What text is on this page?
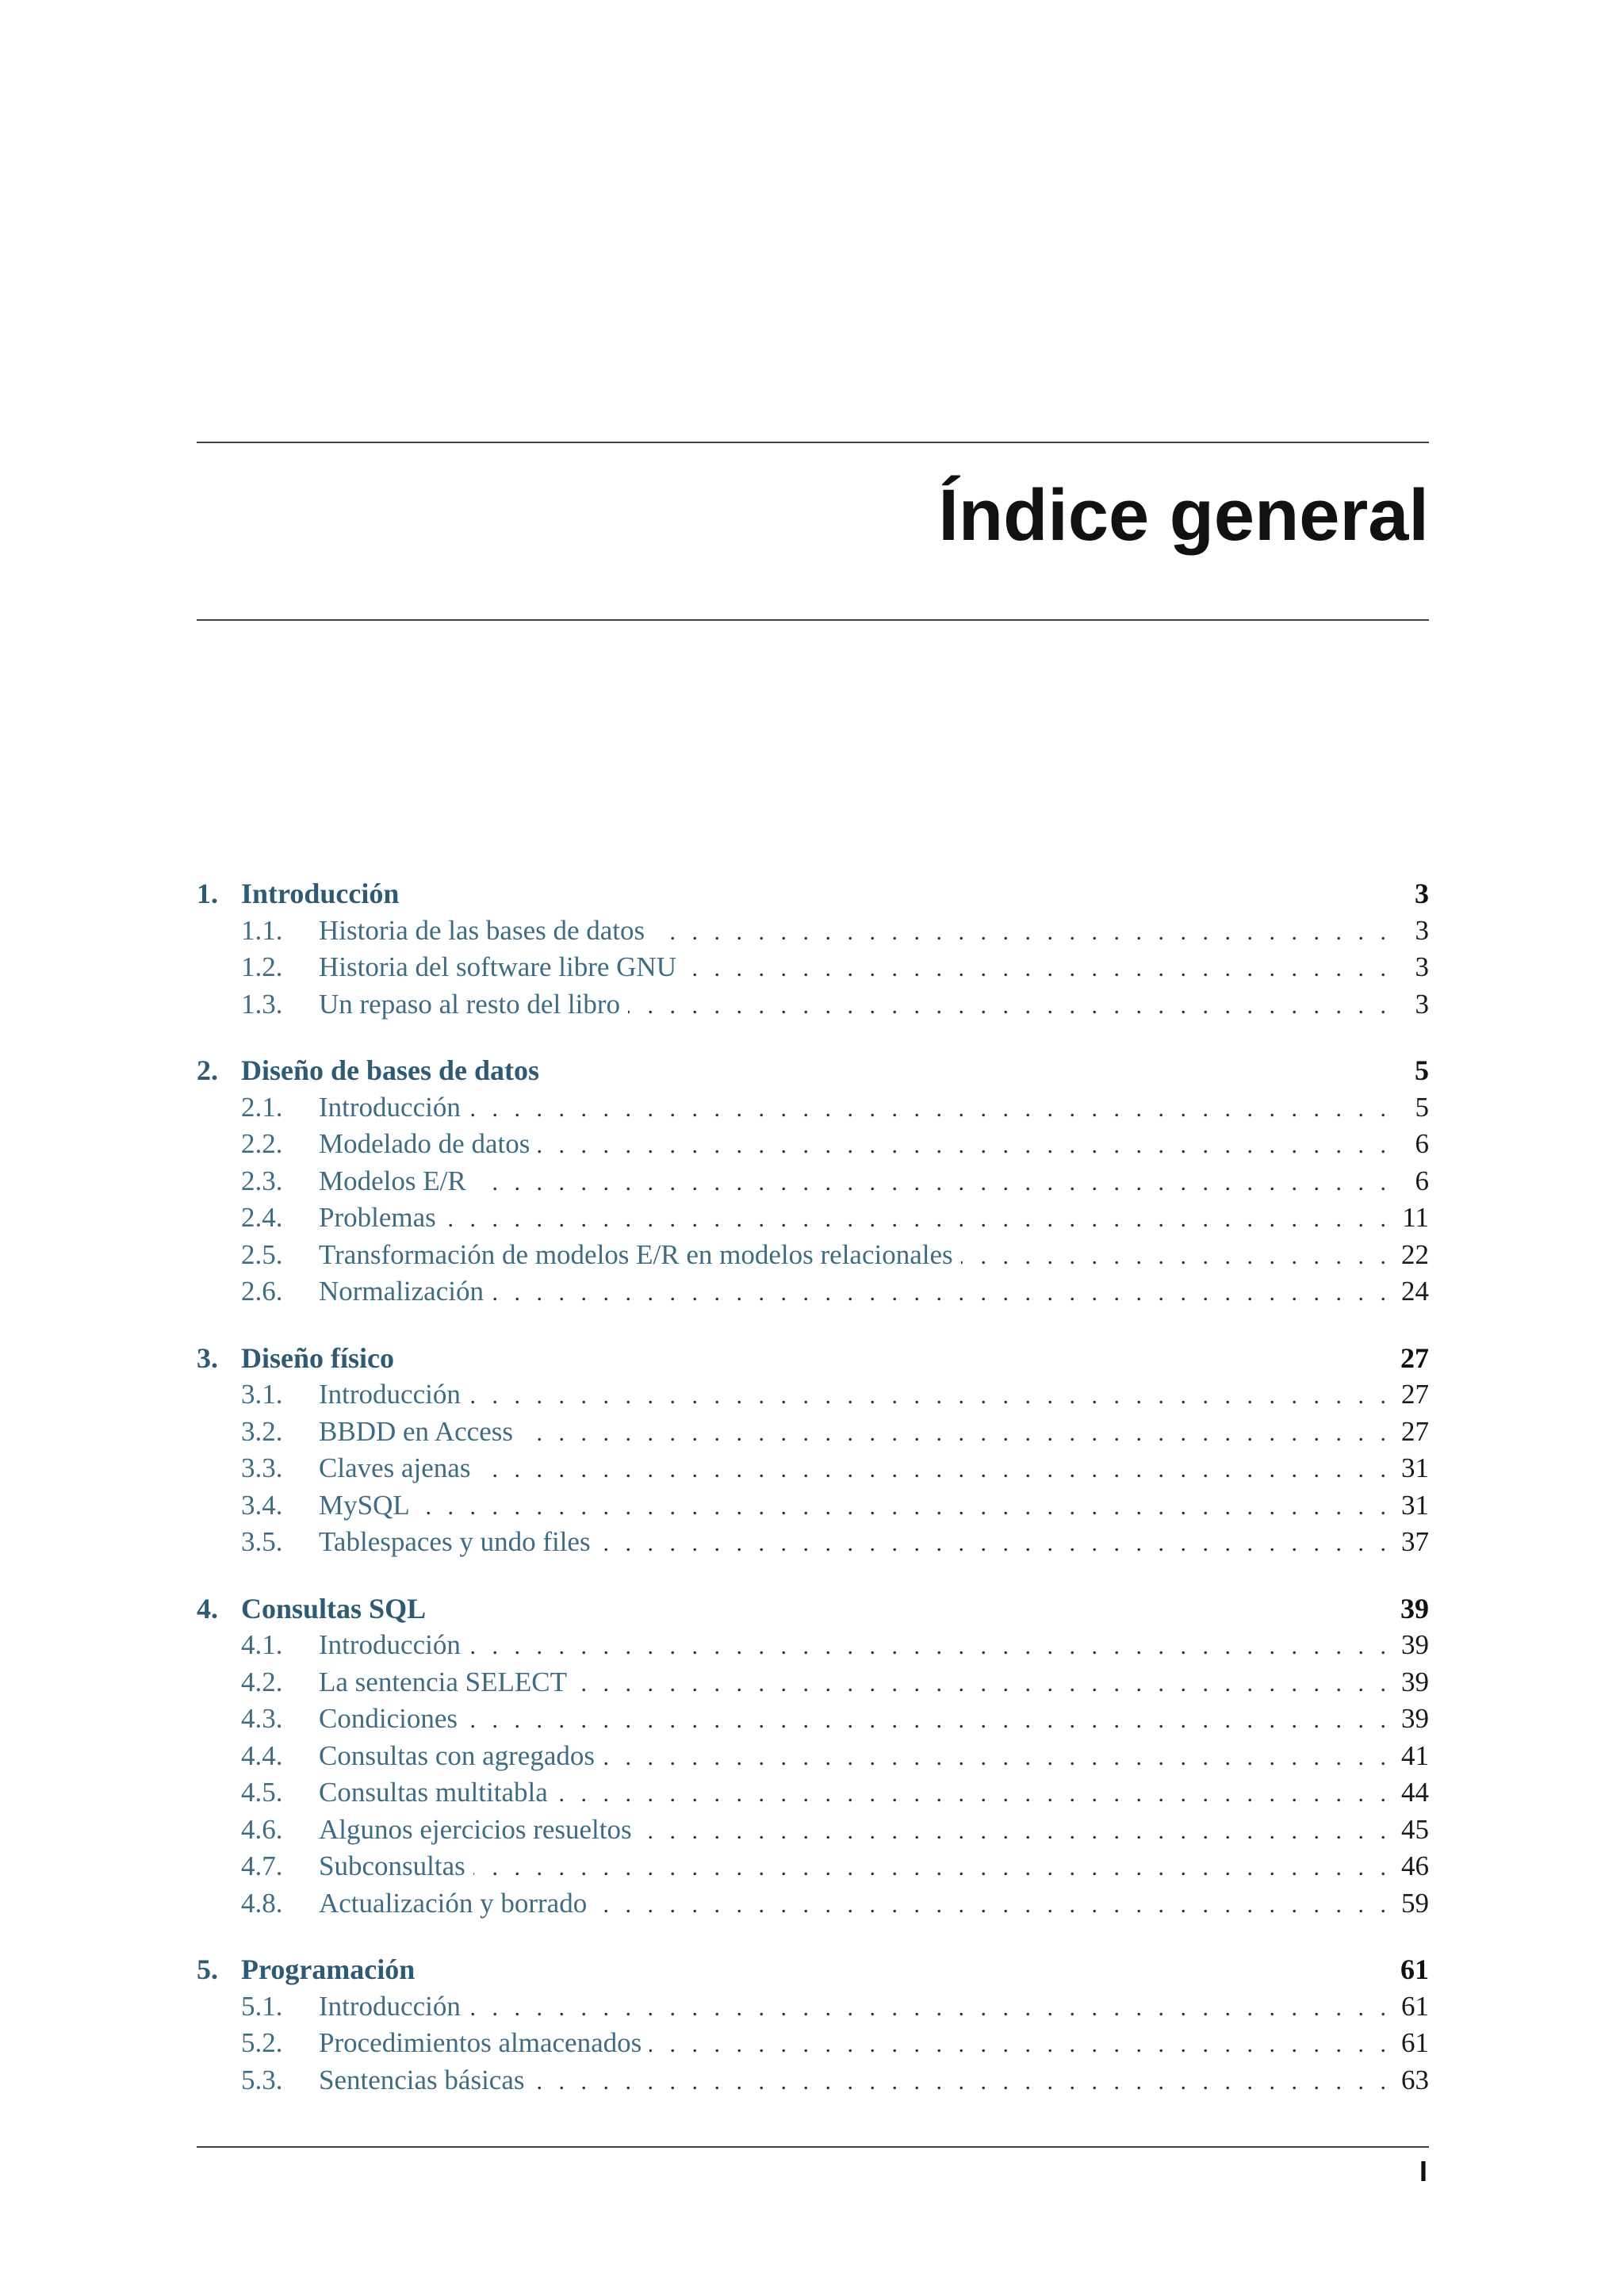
Índice general
1. Introducción	3
1.1.	Historia de las bases de datos . . .	3
1.2.	Historia del software libre GNU . . .	3
1.3.	Un repaso al resto del libro . . .	3
2. Diseño de bases de datos	5
2.1.	Introducción . . .	5
2.2.	Modelado de datos . . .	6
2.3.	Modelos E/R . . .	6
2.4.	Problemas . . .	11
2.5.	Transformación de modelos E/R en modelos relacionales . . .	22
2.6.	Normalización . . .	24
3. Diseño físico	27
3.1.	Introducción . . .	27
3.2.	BBDD en Access . . .	27
3.3.	Claves ajenas . . .	31
3.4.	MySQL . . .	31
3.5.	Tablespaces y undo files . . .	37
4. Consultas SQL	39
4.1.	Introducción . . .	39
4.2.	La sentencia SELECT . . .	39
4.3.	Condiciones . . .	39
4.4.	Consultas con agregados . . .	41
4.5.	Consultas multitabla . . .	44
4.6.	Algunos ejercicios resueltos . . .	45
4.7.	Subconsultas . . .	46
4.8.	Actualización y borrado . . .	59
5. Programación	61
5.1.	Introducción . . .	61
5.2.	Procedimientos almacenados . . .	61
5.3.	Sentencias básicas . . .	63
I
